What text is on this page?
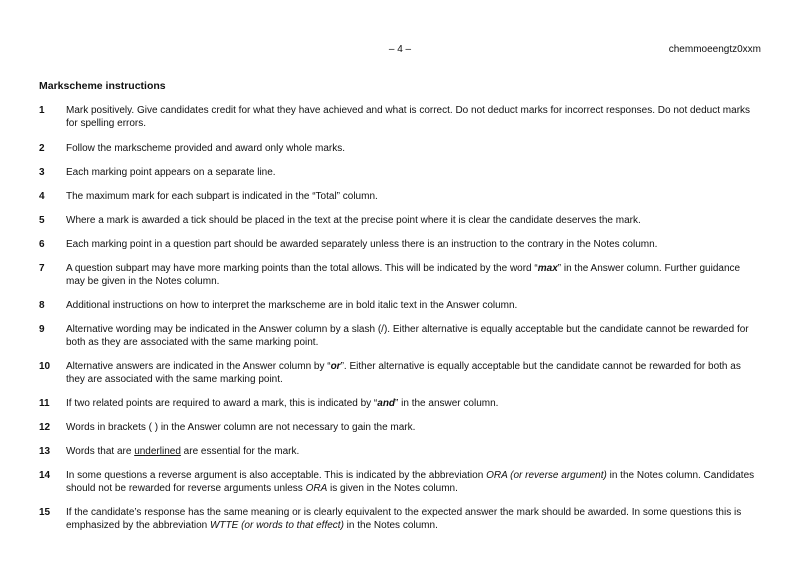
– 4 –	chemmoeengtz0xxm
Markscheme instructions
1	Mark positively. Give candidates credit for what they have achieved and what is correct. Do not deduct marks for incorrect responses. Do not deduct marks for spelling errors.
2	Follow the markscheme provided and award only whole marks.
3	Each marking point appears on a separate line.
4	The maximum mark for each subpart is indicated in the “Total” column.
5	Where a mark is awarded a tick should be placed in the text at the precise point where it is clear the candidate deserves the mark.
6	Each marking point in a question part should be awarded separately unless there is an instruction to the contrary in the Notes column.
7	A question subpart may have more marking points than the total allows. This will be indicated by the word “max” in the Answer column. Further guidance may be given in the Notes column.
8	Additional instructions on how to interpret the markscheme are in bold italic text in the Answer column.
9	Alternative wording may be indicated in the Answer column by a slash (/). Either alternative is equally acceptable but the candidate cannot be rewarded for both as they are associated with the same marking point.
10	Alternative answers are indicated in the Answer column by “or”. Either alternative is equally acceptable but the candidate cannot be rewarded for both as they are associated with the same marking point.
11	If two related points are required to award a mark, this is indicated by “and” in the answer column.
12	Words in brackets ( ) in the Answer column are not necessary to gain the mark.
13	Words that are underlined are essential for the mark.
14	In some questions a reverse argument is also acceptable. This is indicated by the abbreviation ORA (or reverse argument) in the Notes column. Candidates should not be rewarded for reverse arguments unless ORA is given in the Notes column.
15	If the candidate’s response has the same meaning or is clearly equivalent to the expected answer the mark should be awarded. In some questions this is emphasized by the abbreviation WTTE (or words to that effect) in the Notes column.
